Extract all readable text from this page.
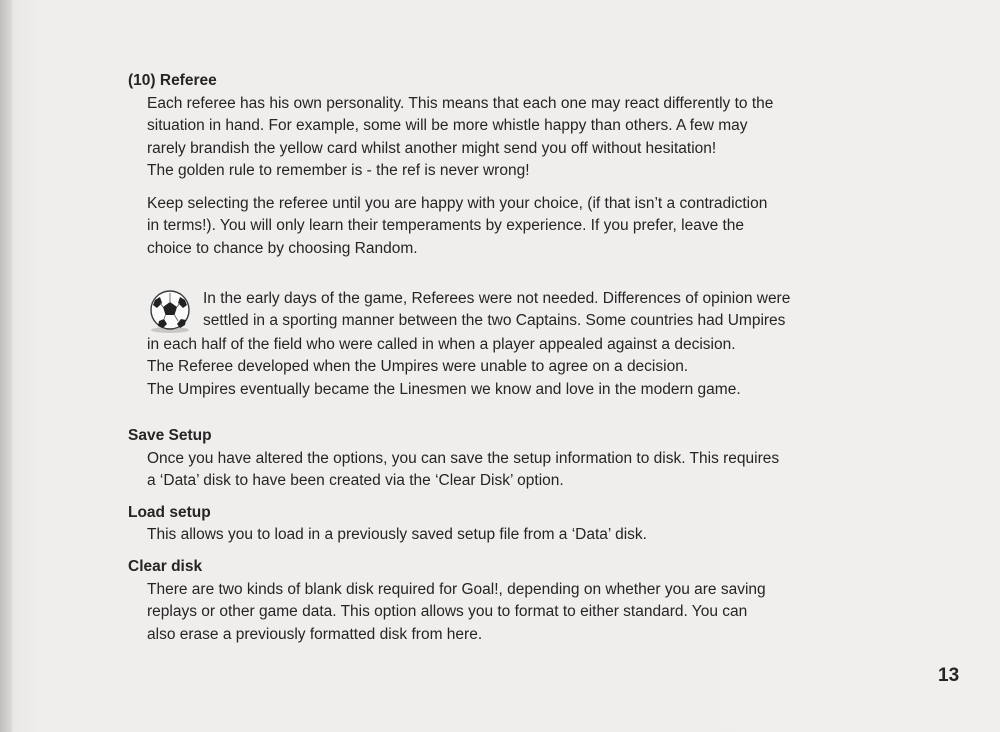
(10) Referee

Each referee has his own personality. This means that each one may react differently to the

situation in hand. For example, some will be more whistle happy than others. A few may

rarely brandish the yellow card whilst another might send you off without hesitation!

The golden rule to remember is - the ref is never wrong!

Keep selecting the referee until you are happy with your choice, (if that isn’t a contradiction

in terms!). You will only learn their temperaments by experience. If you prefer, leave the

choice to chance by choosing Random.

In the early days of the game, Referees were not needed. Differences of opinion were

settled in a sporting manner between the two Captains. Some countries had Umpires

in each half of the field who were called in when a player appealed against a decision.

The Referee developed when the Umpires were unable to agree on a decision.

The Umpires eventually became the Linesmen we know and love in the modern game.

Save Setup

Once you have altered the options, you can save the setup information to disk. This requires

a ‘Data’ disk to have been created via the ‘Clear Disk’ option.

Load setup

This allows you to load in a previously saved setup file from a ‘Data’ disk.

Clear disk

There are two kinds of blank disk required for Goal!, depending on whether you are saving

replays or other game data. This option allows you to format to either standard. You can

also erase a previously formatted disk from here.

13
